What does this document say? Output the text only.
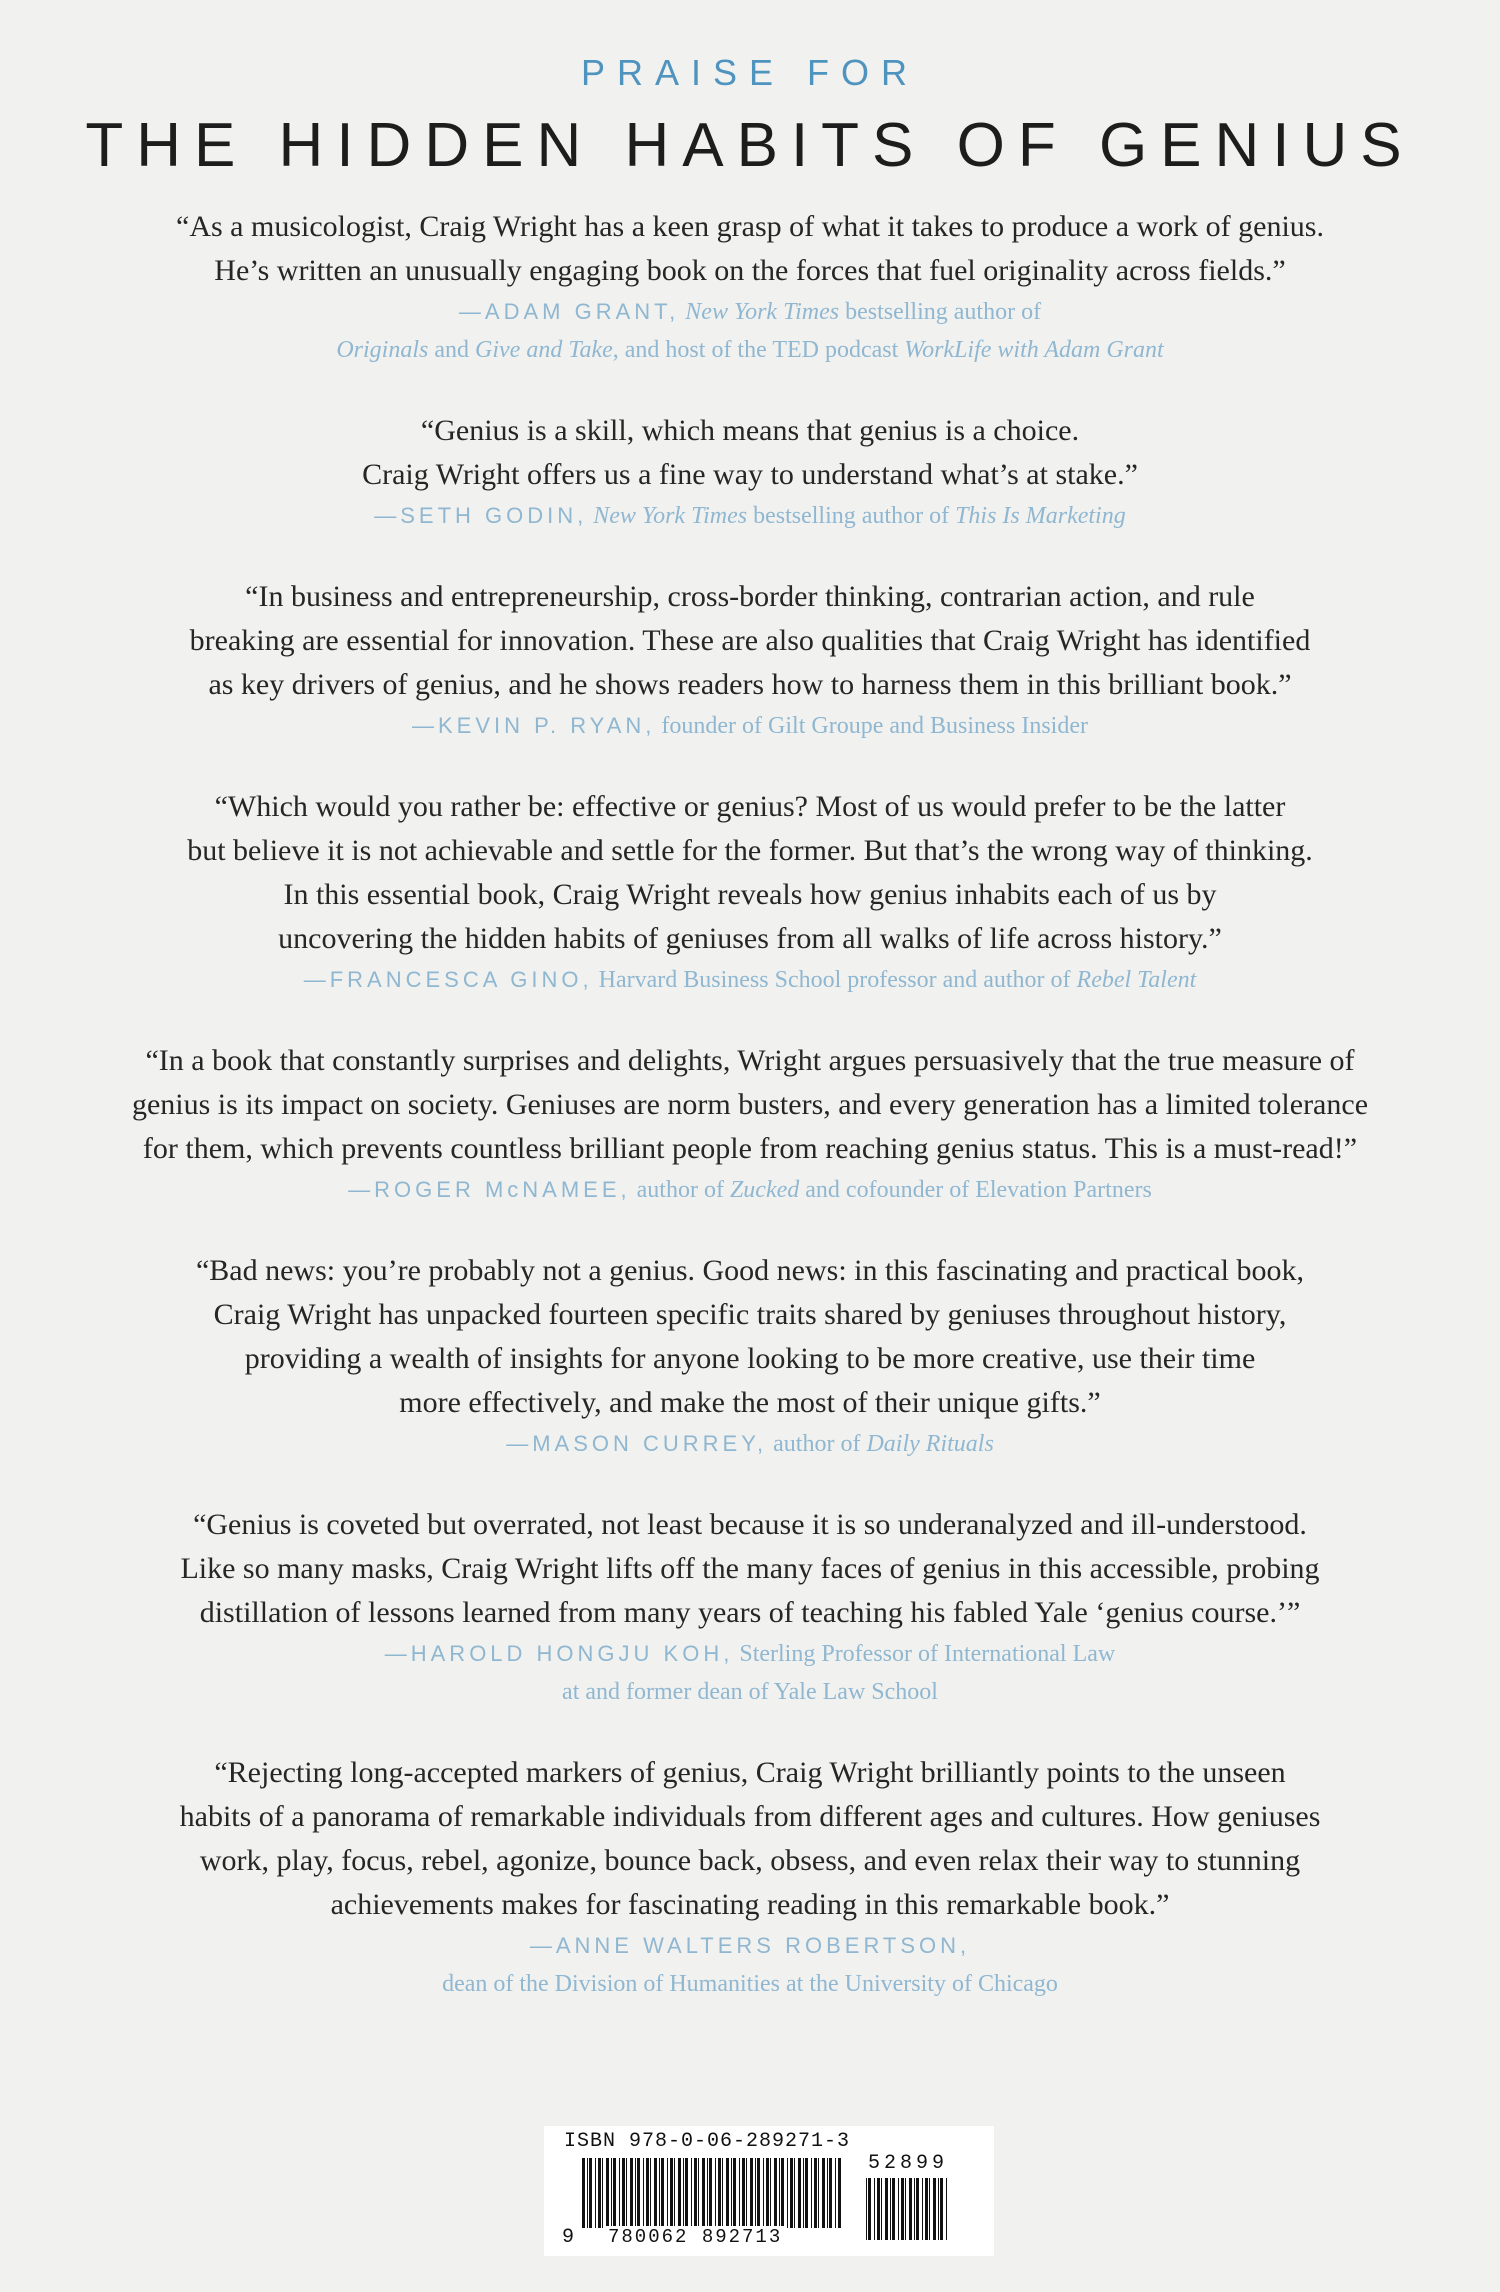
PRAISE FOR
THE HIDDEN HABITS OF GENIUS

“As a musicologist, Craig Wright has a keen grasp of what it takes to produce a work of genius.
He’s written an unusually engaging book on the forces that fuel originality across fields.”

—ADAM GRANT, New York Times bestselling author of
Originals and Give and Take, and host of the TED podcast WorkLife with Adam Grant

“Genius is a skill, which means that genius is a choice.
Craig Wright offers us a fine way to understand what’s at stake.”

—SETH GODIN, New York Times bestselling author of This Is Marketing

“In business and entrepreneurship, cross-border thinking, contrarian action, and rule
breaking are essential for innovation. These are also qualities that Craig Wright has identified
as key drivers of genius, and he shows readers how to harness them in this brilliant book.”

—KEVIN P. RYAN, founder of Gilt Groupe and Business Insider

“Which would you rather be: effective or genius? Most of us would prefer to be the latter
but believe it is not achievable and settle for the former. But that’s the wrong way of thinking.
In this essential book, Craig Wright reveals how genius inhabits each of us by
uncovering the hidden habits of geniuses from all walks of life across history.”

—FRANCESCA GINO, Harvard Business School professor and author of Rebel Talent

“In a book that constantly surprises and delights, Wright argues persuasively that the true measure of
genius is its impact on society. Geniuses are norm busters, and every generation has a limited tolerance
for them, which prevents countless brilliant people from reaching genius status. This is a must-read!”

—ROGER McNAMEE, author of Zucked and cofounder of Elevation Partners

“Bad news: you’re probably not a genius. Good news: in this fascinating and practical book,
Craig Wright has unpacked fourteen specific traits shared by geniuses throughout history,
providing a wealth of insights for anyone looking to be more creative, use their time
more effectively, and make the most of their unique gifts.”

—MASON CURREY, author of Daily Rituals

“Genius is coveted but overrated, not least because it is so underanalyzed and ill-understood.
Like so many masks, Craig Wright lifts off the many faces of genius in this accessible, probing
distillation of lessons learned from many years of teaching his fabled Yale ‘genius course.’”

—HAROLD HONGJU KOH, Sterling Professor of International Law
at and former dean of Yale Law School

“Rejecting long-accepted markers of genius, Craig Wright brilliantly points to the unseen
habits of a panorama of remarkable individuals from different ages and cultures. How geniuses
work, play, focus, rebel, agonize, bounce back, obsess, and even relax their way to stunning
achievements makes for fascinating reading in this remarkable book.”

—ANNE WALTERS ROBERTSON,
dean of the Division of Humanities at the University of Chicago

ISBN 978-0-06-289271-3
52899
9 780062 892713
